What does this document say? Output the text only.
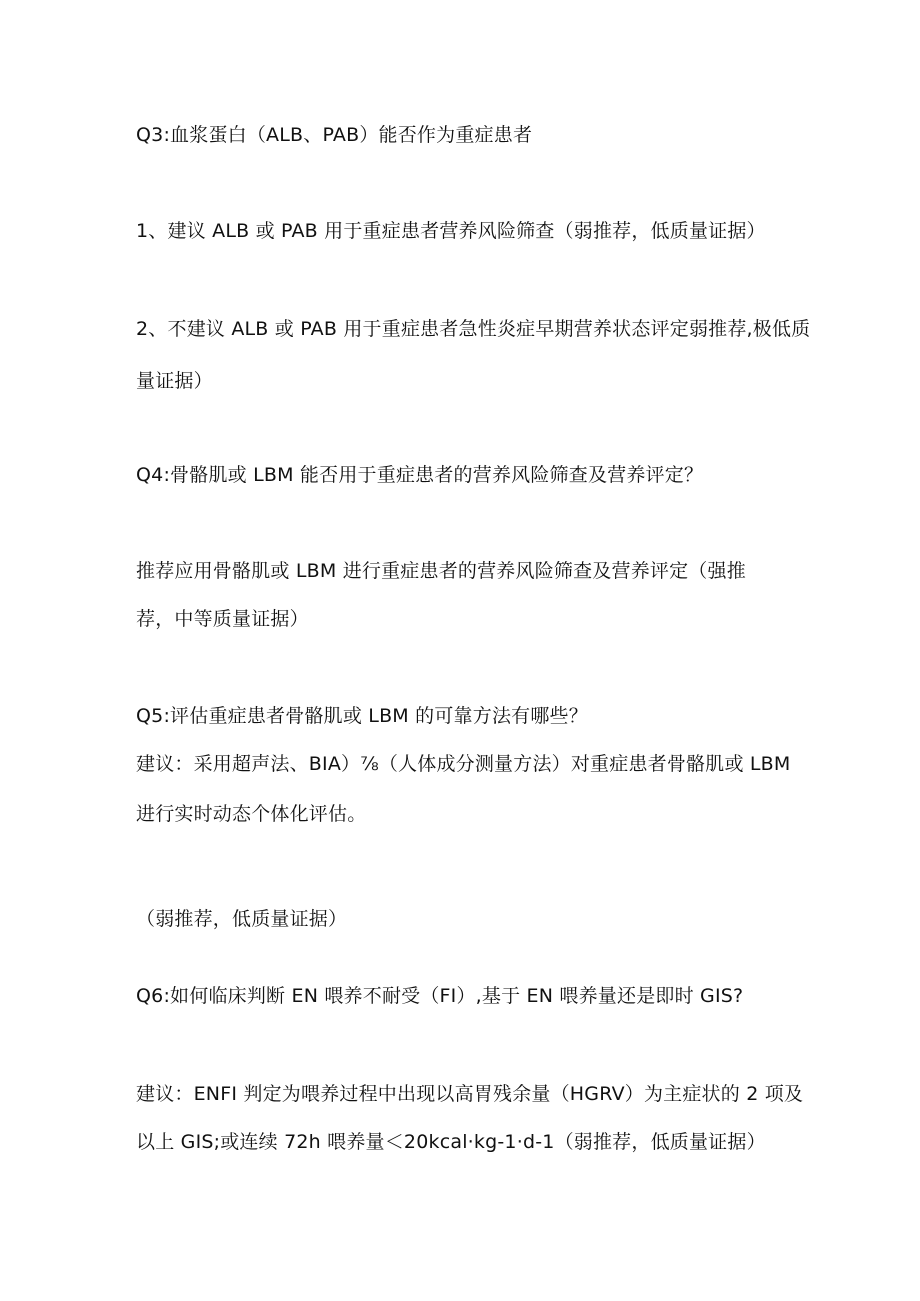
Q3:血浆蛋白（ALB、PAB）能否作为重症患者
1、建议 ALB 或 PAB 用于重症患者营养风险筛查（弱推荐，低质量证据）
2、不建议 ALB 或 PAB 用于重症患者急性炎症早期营养状态评定弱推荐,极低质
量证据）
Q4:骨骼肌或 LBM 能否用于重症患者的营养风险筛查及营养评定？
推荐应用骨骼肌或 LBM 进行重症患者的营养风险筛查及营养评定（强推
荐，中等质量证据）
Q5:评估重症患者骨骼肌或 LBM 的可靠方法有哪些？
建议：采用超声法、BIA）⅞（人体成分测量方法）对重症患者骨骼肌或 LBM
进行实时动态个体化评估。
（弱推荐，低质量证据）
Q6:如何临床判断 EN 喂养不耐受（FI）,基于 EN 喂养量还是即时 GIS?
建议：ENFI 判定为喂养过程中出现以高胃残余量（HGRV）为主症状的 2 项及
以上 GIS;或连续 72h 喂养量＜20kcal·kg-1·d-1（弱推荐，低质量证据）
